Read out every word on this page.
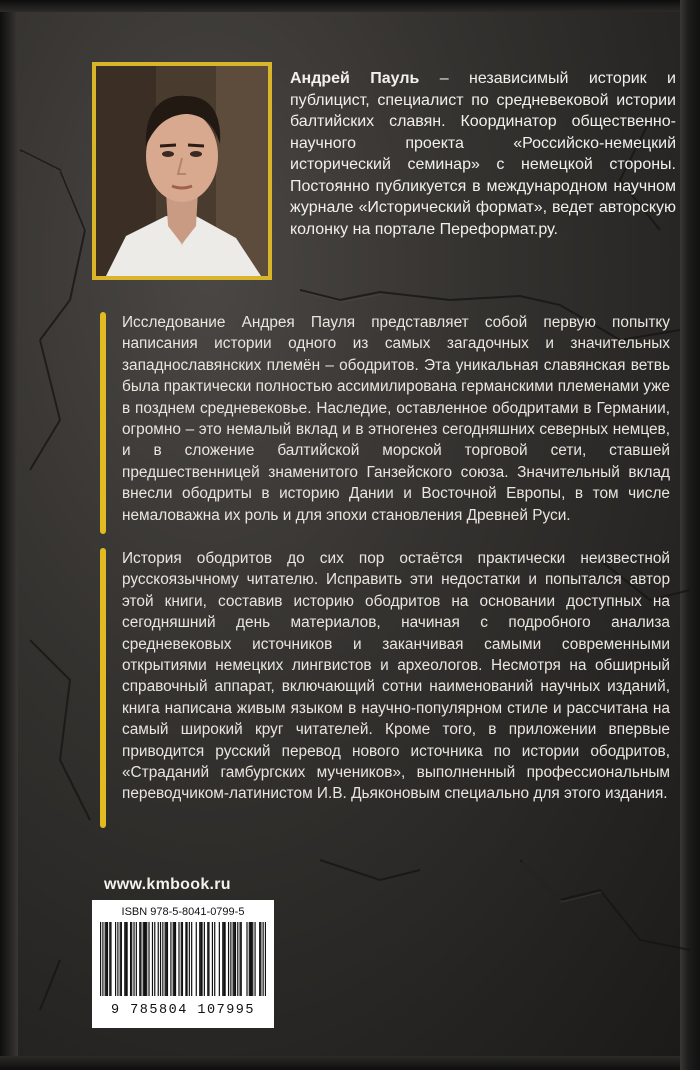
Андрей Пауль – независимый историк и публицист, специалист по средневековой истории балтийских славян. Координатор общественно-научного проекта «Российско-немецкий исторический семинар» с немецкой стороны. Постоянно публикуется в международном научном журнале «Исторический формат», ведет авторскую колонку на портале Переформат.ру.
Исследование Андрея Пауля представляет собой первую попытку написания истории одного из самых загадочных и значительных западнославянских племён – ободритов. Эта уникальная славянская ветвь была практически полностью ассимилирована германскими племенами уже в позднем средневековье. Наследие, оставленное ободритами в Германии, огромно – это немалый вклад и в этногенез сегодняшних северных немцев, и в сложение балтийской морской торговой сети, ставшей предшественницей знаменитого Ганзейского союза. Значительный вклад внесли ободриты в историю Дании и Восточной Европы, в том числе немаловажна их роль и для эпохи становления Древней Руси.
История ободритов до сих пор остаётся практически неизвестной русскоязычному читателю. Исправить эти недостатки и попытался автор этой книги, составив историю ободритов на основании доступных на сегодняшний день материалов, начиная с подробного анализа средневековых источников и заканчивая самыми современными открытиями немецких лингвистов и археологов. Несмотря на обширный справочный аппарат, включающий сотни наименований научных изданий, книга написана живым языком в научно-популярном стиле и рассчитана на самый широкий круг читателей. Кроме того, в приложении впервые приводится русский перевод нового источника по истории ободритов, «Страданий гамбургских мучеников», выполненный профессиональным переводчиком-латинистом И.В. Дьяконовым специально для этого издания.
www.kmbook.ru
ISBN 978-5-8041-0799-5
9 785804 107995
